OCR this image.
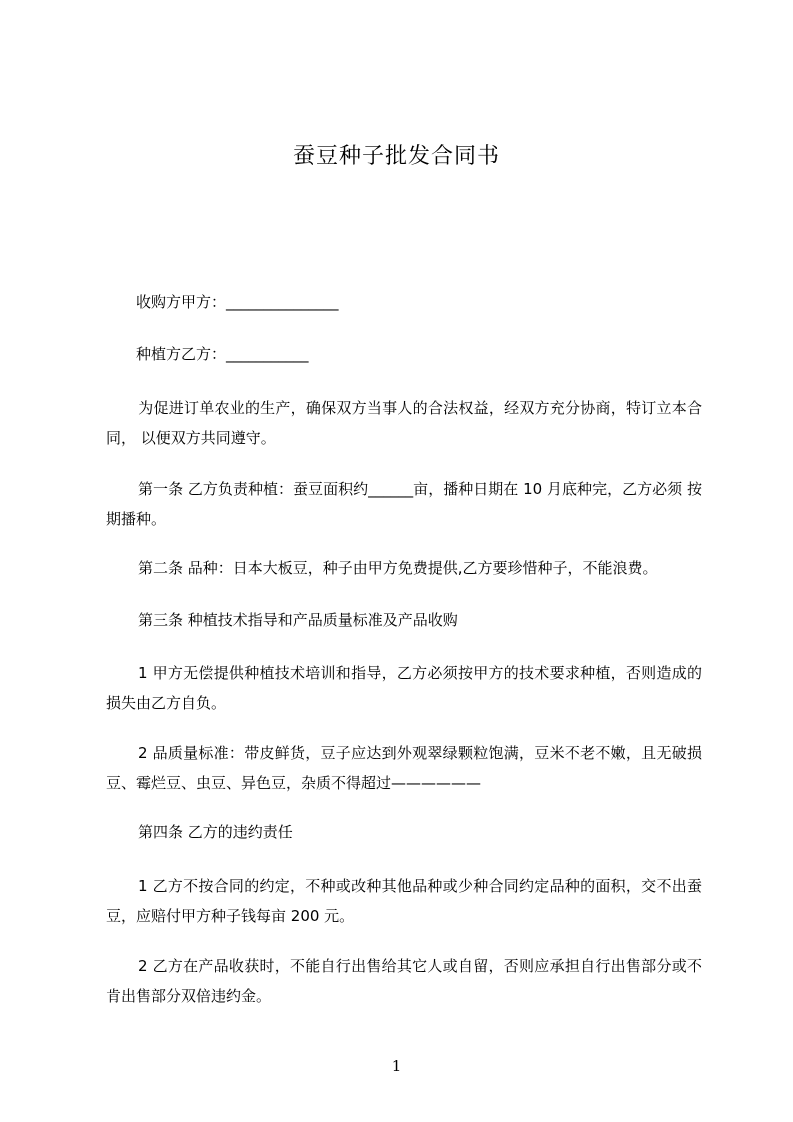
蚕豆种子批发合同书
收购方甲方：_______________
种植方乙方：___________
为促进订单农业的生产，确保双方当事人的合法权益，经双方充分协商，特订立本合同， 以便双方共同遵守。
第一条 乙方负责种植：蚕豆面积约______亩，播种日期在 10 月底种完，乙方必须 按期播种。
第二条 品种：日本大板豆，种子由甲方免费提供,乙方要珍惜种子，不能浪费。
第三条 种植技术指导和产品质量标准及产品收购
1 甲方无偿提供种植技术培训和指导，乙方必须按甲方的技术要求种植，否则造成的 损失由乙方自负。
2 品质量标准：带皮鲜货，豆子应达到外观翠绿颗粒饱满，豆米不老不嫩，且无破损 豆、霉烂豆、虫豆、异色豆，杂质不得超过——————
第四条 乙方的违约责任
1 乙方不按合同的约定，不种或改种其他品种或少种合同约定品种的面积，交不出蚕豆，应赔付甲方种子钱每亩 200 元。
2 乙方在产品收获时，不能自行出售给其它人或自留，否则应承担自行出售部分或不肯出售部分双倍违约金。
1
